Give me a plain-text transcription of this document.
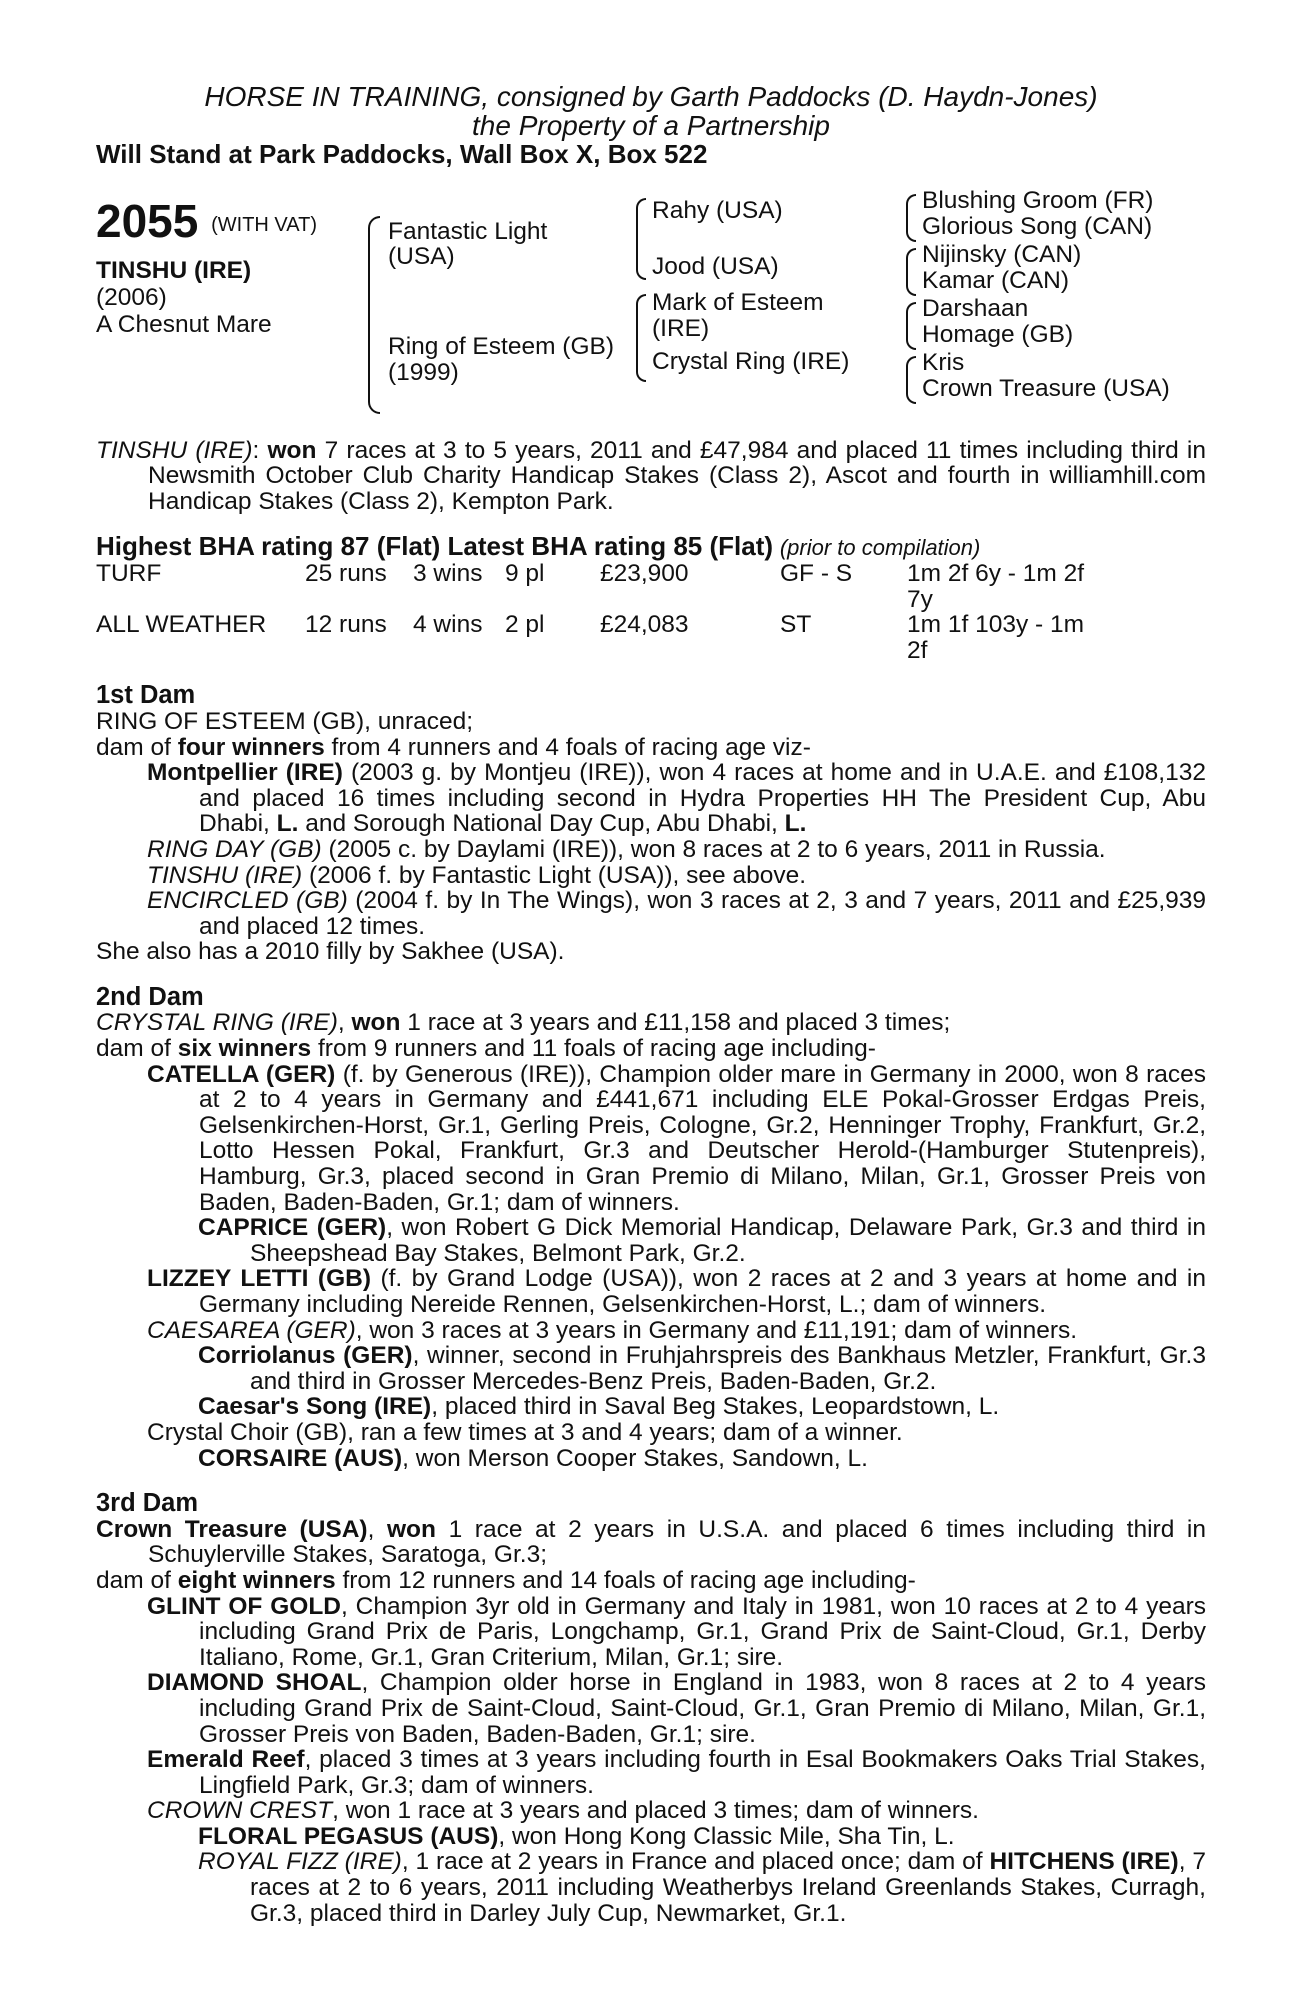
HORSE IN TRAINING, consigned by Garth Paddocks (D. Haydn-Jones)
the Property of a Partnership
Will Stand at Park Paddocks, Wall Box X, Box 522
2055 (WITH VAT)
TINSHU (IRE)
(2006)
A Chesnut Mare
Fantastic Light
(USA)
Ring of Esteem (GB)
(1999)
Rahy (USA)
Jood (USA)
Mark of Esteem
(IRE)
Crystal Ring (IRE)
Blushing Groom (FR)
Glorious Song (CAN)
Nijinsky (CAN)
Kamar (CAN)
Darshaan
Homage (GB)
Kris
Crown Treasure (USA)

TINSHU (IRE): won 7 races at 3 to 5 years, 2011 and £47,984 and placed 11 times including third in Newsmith October Club Charity Handicap Stakes (Class 2), Ascot and fourth in williamhill.com Handicap Stakes (Class 2), Kempton Park.

Highest BHA rating 87 (Flat) Latest BHA rating 85 (Flat) (prior to compilation)
TURF	25 runs	3 wins 9 pl	£23,900	GF - S	1m 2f 6y - 1m 2f 7y
ALL WEATHER	12 runs	4 wins 2 pl	£24,083	ST	1m 1f 103y - 1m 2f
1st Dam

RING OF ESTEEM (GB), unraced;

dam of four winners from 4 runners and 4 foals of racing age viz-

Montpellier (IRE) (2003 g. by Montjeu (IRE)), won 4 races at home and in U.A.E. and £108,132 and placed 16 times including second in Hydra Properties HH The President Cup, Abu Dhabi, L. and Sorough National Day Cup, Abu Dhabi, L.

RING DAY (GB) (2005 c. by Daylami (IRE)), won 8 races at 2 to 6 years, 2011 in Russia.

TINSHU (IRE) (2006 f. by Fantastic Light (USA)), see above.

ENCIRCLED (GB) (2004 f. by In The Wings), won 3 races at 2, 3 and 7 years, 2011 and £25,939 and placed 12 times.

She also has a 2010 filly by Sakhee (USA).

2nd Dam

CRYSTAL RING (IRE), won 1 race at 3 years and £11,158 and placed 3 times;

dam of six winners from 9 runners and 11 foals of racing age including-

CATELLA (GER) (f. by Generous (IRE)), Champion older mare in Germany in 2000, won 8 races at 2 to 4 years in Germany and £441,671 including ELE Pokal-Grosser Erdgas Preis, Gelsenkirchen-Horst, Gr.1, Gerling Preis, Cologne, Gr.2, Henninger Trophy, Frankfurt, Gr.2, Lotto Hessen Pokal, Frankfurt, Gr.3 and Deutscher Herold-(Hamburger Stutenpreis), Hamburg, Gr.3, placed second in Gran Premio di Milano, Milan, Gr.1, Grosser Preis von Baden, Baden-Baden, Gr.1; dam of winners.

CAPRICE (GER), won Robert G Dick Memorial Handicap, Delaware Park, Gr.3 and third in Sheepshead Bay Stakes, Belmont Park, Gr.2.

LIZZEY LETTI (GB) (f. by Grand Lodge (USA)), won 2 races at 2 and 3 years at home and in Germany including Nereide Rennen, Gelsenkirchen-Horst, L.; dam of winners.

CAESAREA (GER), won 3 races at 3 years in Germany and £11,191; dam of winners.

Corriolanus (GER), winner, second in Fruhjahrspreis des Bankhaus Metzler, Frankfurt, Gr.3 and third in Grosser Mercedes-Benz Preis, Baden-Baden, Gr.2.

Caesar's Song (IRE), placed third in Saval Beg Stakes, Leopardstown, L.

Crystal Choir (GB), ran a few times at 3 and 4 years; dam of a winner.

CORSAIRE (AUS), won Merson Cooper Stakes, Sandown, L.

3rd Dam

Crown Treasure (USA), won 1 race at 2 years in U.S.A. and placed 6 times including third in Schuylerville Stakes, Saratoga, Gr.3;

dam of eight winners from 12 runners and 14 foals of racing age including-

GLINT OF GOLD, Champion 3yr old in Germany and Italy in 1981, won 10 races at 2 to 4 years including Grand Prix de Paris, Longchamp, Gr.1, Grand Prix de Saint-Cloud, Gr.1, Derby Italiano, Rome, Gr.1, Gran Criterium, Milan, Gr.1; sire.

DIAMOND SHOAL, Champion older horse in England in 1983, won 8 races at 2 to 4 years including Grand Prix de Saint-Cloud, Saint-Cloud, Gr.1, Gran Premio di Milano, Milan, Gr.1, Grosser Preis von Baden, Baden-Baden, Gr.1; sire.

Emerald Reef, placed 3 times at 3 years including fourth in Esal Bookmakers Oaks Trial Stakes, Lingfield Park, Gr.3; dam of winners.

CROWN CREST, won 1 race at 3 years and placed 3 times; dam of winners.

FLORAL PEGASUS (AUS), won Hong Kong Classic Mile, Sha Tin, L.

ROYAL FIZZ (IRE), 1 race at 2 years in France and placed once; dam of HITCHENS (IRE), 7 races at 2 to 6 years, 2011 including Weatherbys Ireland Greenlands Stakes, Curragh, Gr.3, placed third in Darley July Cup, Newmarket, Gr.1.
